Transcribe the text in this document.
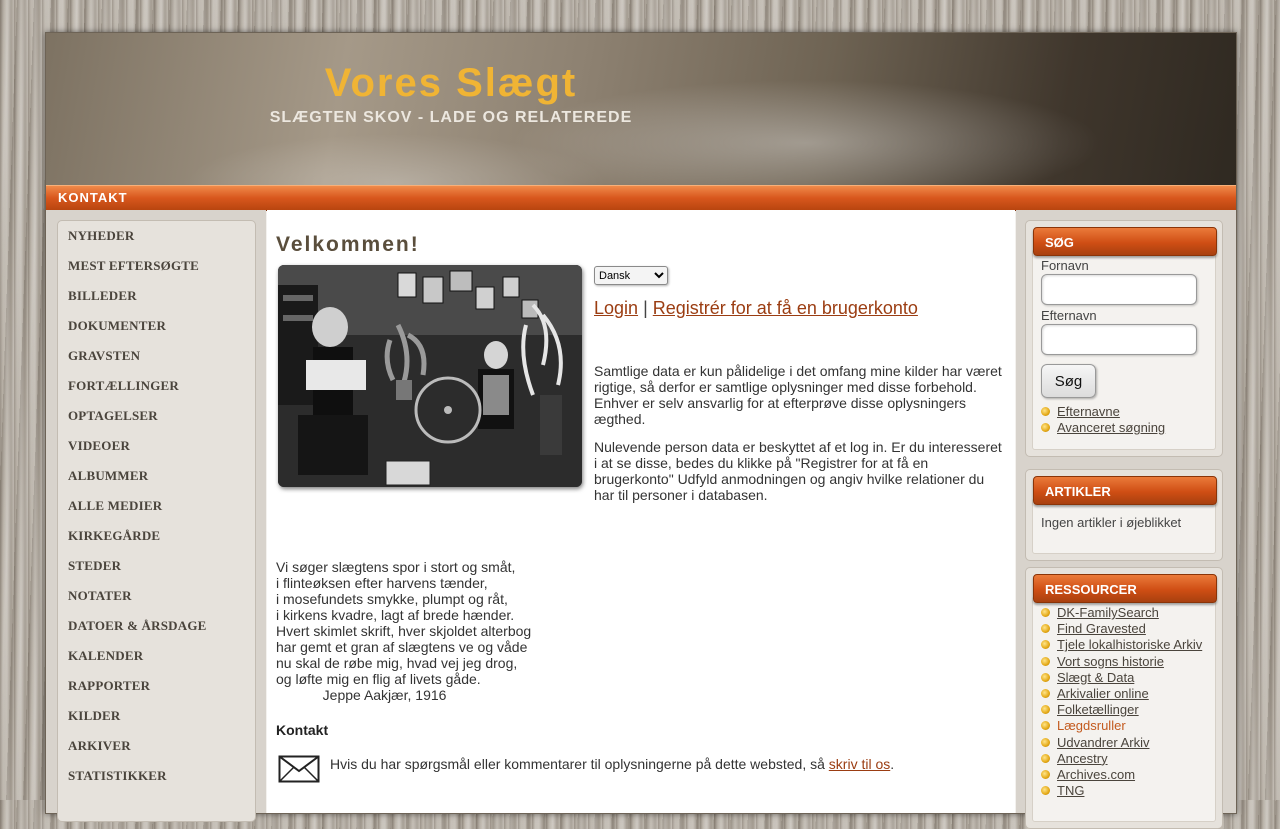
Vores Slægt
SLÆGTEN SKOV - LADE OG RELATEREDE
KONTAKT
NYHEDER
MEST EFTERSØGTE
BILLEDER
DOKUMENTER
GRAVSTEN
FORTÆLLINGER
OPTAGELSER
VIDEOER
ALBUMMER
ALLE MEDIER
KIRKEGÅRDE
STEDER
NOTATER
DATOER & ÅRSDAGE
KALENDER
RAPPORTER
KILDER
ARKIVER
STATISTIKKER
Velkommen!
Dansk
Login | Registrér for at få en brugerkonto

Samtlige data er kun pålidelige i det omfang mine kilder har været rigtige, så derfor er samtlige oplysninger med disse forbehold. Enhver er selv ansvarlig for at efterprøve disse oplysningers ægthed.

Nulevende person data er beskyttet af et log in. Er du interesseret i at se disse, bedes du klikke på "Registrer for at få en brugerkonto" Udfyld anmodningen og angiv hvilke relationer du har til personer i databasen.

Vi søger slægtens spor i stort og småt,
i flinteøksen efter harvens tænder,
i mosefundets smykke, plumpt og råt,
i kirkens kvadre, lagt af brede hænder.
Hvert skimlet skrift, hver skjoldet alterbog
har gemt et gran af slægtens ve og våde
nu skal de røbe mig, hvad vej jeg drog,
og løfte mig en flig af livets gåde.
Jeppe Aakjær, 1916

Kontakt
Hvis du har spørgsmål eller kommentarer til oplysningerne på dette websted, så skriv til os.
Fornavn
Efternavn
Søg
Efternavne
Avanceret søgning
SØG
Ingen artikler i øjeblikket
ARTIKLER
DK-FamilySearch
Find Gravested
Tjele lokalhistoriske Arkiv
Vort sogns historie
Slægt & Data
Arkivalier online
Folketællinger
Lægdsruller
Udvandrer Arkiv
Ancestry
Archives.com
TNG
RESSOURCER
